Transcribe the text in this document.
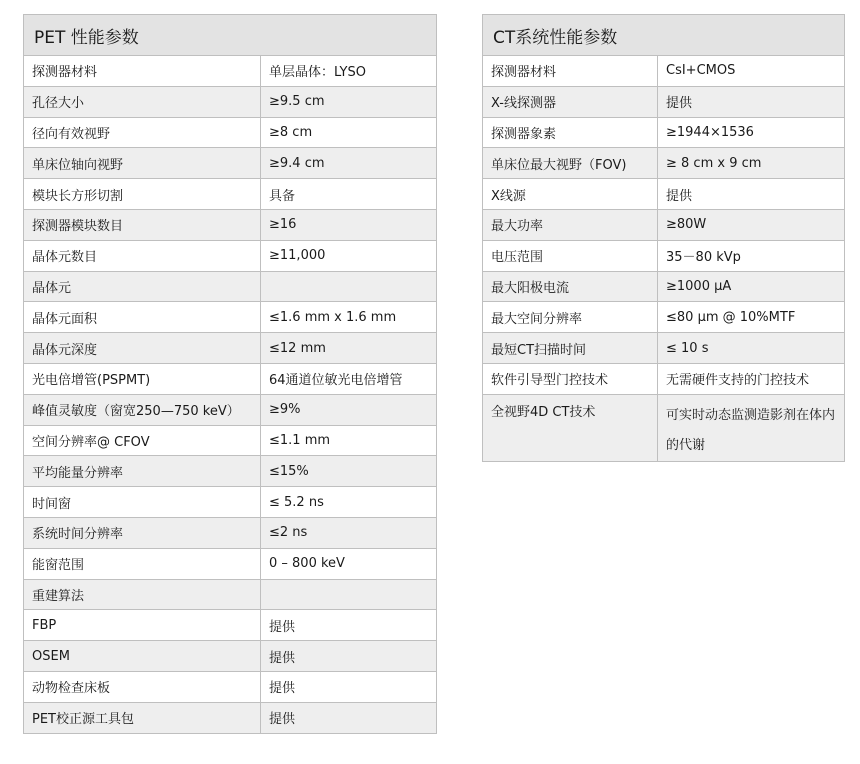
PET 性能参数	
探测器材料	单层晶体：LYSO
孔径大小	≥9.5 cm
径向有效视野	≥8 cm
单床位轴向视野	≥9.4 cm
模块长方形切割	具备
探测器模块数目	≥16
晶体元数目	≥11,000
晶体元	
晶体元面积	≤1.6 mm x 1.6 mm
晶体元深度	≤12 mm
光电倍增管(PSPMT)	64通道位敏光电倍增管
峰值灵敏度（窗宽250—750 keV）	≥9%
空间分辨率@ CFOV	≤1.1 mm
平均能量分辨率	≤15%
时间窗	≤ 5.2 ns
系统时间分辨率	≤2 ns
能窗范围	0 – 800 keV
重建算法	
FBP	提供
OSEM	提供
动物检查床板	提供
PET校正源工具包	提供
CT系统性能参数	
探测器材料	CsI+CMOS
X-线探测器	提供
探测器象素	≥1944×1536
单床位最大视野（FOV)	≥ 8 cm x 9 cm
X线源	提供
最大功率	≥80W
电压范围	35－80 kVp
最大阳极电流	≥1000 μA
最大空间分辨率	≤80 μm @ 10%MTF
最短CT扫描时间	≤ 10 s
软件引导型门控技术	无需硬件支持的门控技术
全视野4D CT技术	可实时动态监测造影剂在体内的代谢
